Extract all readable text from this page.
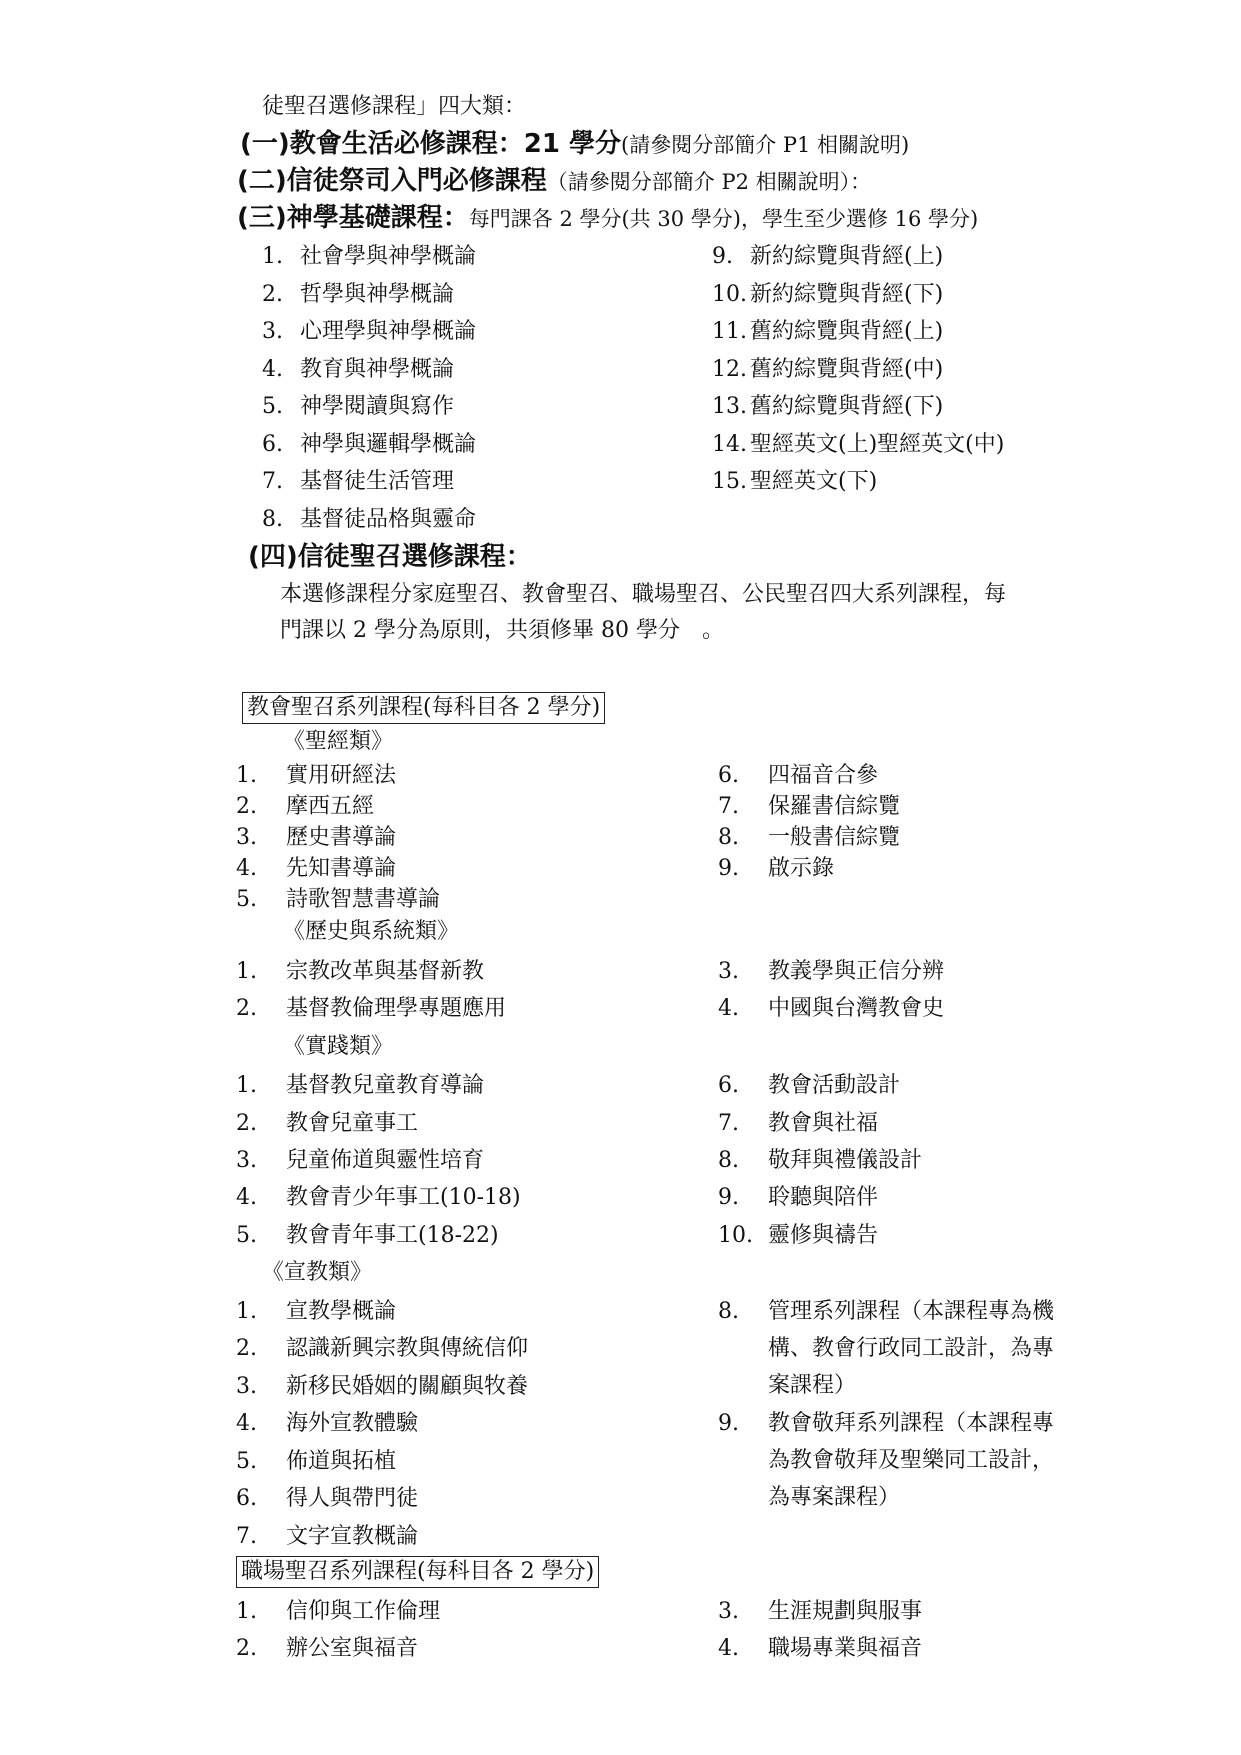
徒聖召選修課程」四大類：
(一)教會生活必修課程：21 學分(請參閱分部簡介 P1 相關說明)
(二)信徒祭司入門必修課程（請參閱分部簡介 P2 相關說明）：
(三)神學基礎課程：每門課各 2 學分(共 30 學分)，學生至少選修 16 學分)
1. 社會學與神學概論
2. 哲學與神學概論
3. 心理學與神學概論
4. 教育與神學概論
5. 神學閱讀與寫作
6. 神學與邏輯學概論
7. 基督徒生活管理
8. 基督徒品格與靈命
9. 新約綜覽與背經(上)
10. 新約綜覽與背經(下)
11. 舊約綜覽與背經(上)
12. 舊約綜覽與背經(中)
13. 舊約綜覽與背經(下)
14. 聖經英文(上)聖經英文(中)
15. 聖經英文(下)
(四)信徒聖召選修課程：
本選修課程分家庭聖召、教會聖召、職場聖召、公民聖召四大系列課程，每
門課以 2 學分為原則，共須修畢 80 學分　。
教會聖召系列課程(每科目各 2 學分)
《聖經類》
1. 實用研經法
2. 摩西五經
3. 歷史書導論
4. 先知書導論
5. 詩歌智慧書導論
6. 四福音合參
7. 保羅書信綜覽
8. 一般書信綜覽
9. 啟示錄
《歷史與系統類》
1. 宗教改革與基督新教
2. 基督教倫理學專題應用
3. 教義學與正信分辨
4. 中國與台灣教會史
《實踐類》
1. 基督教兒童教育導論
2. 教會兒童事工
3. 兒童佈道與靈性培育
4. 教會青少年事工(10-18)
5. 教會青年事工(18-22)
6. 教會活動設計
7. 教會與社福
8. 敬拜與禮儀設計
9. 聆聽與陪伴
10. 靈修與禱告
《宣教類》
1. 宣教學概論
2. 認識新興宗教與傳統信仰
3. 新移民婚姻的關顧與牧養
4. 海外宣教體驗
5. 佈道與拓植
6. 得人與帶門徒
7. 文字宣教概論
8. 管理系列課程（本課程專為機
構、教會行政同工設計，為專
案課程）
9. 教會敬拜系列課程（本課程專
為教會敬拜及聖樂同工設計，
為專案課程）
職場聖召系列課程(每科目各 2 學分)
1. 信仰與工作倫理
2. 辦公室與福音
3. 生涯規劃與服事
4. 職場專業與福音
